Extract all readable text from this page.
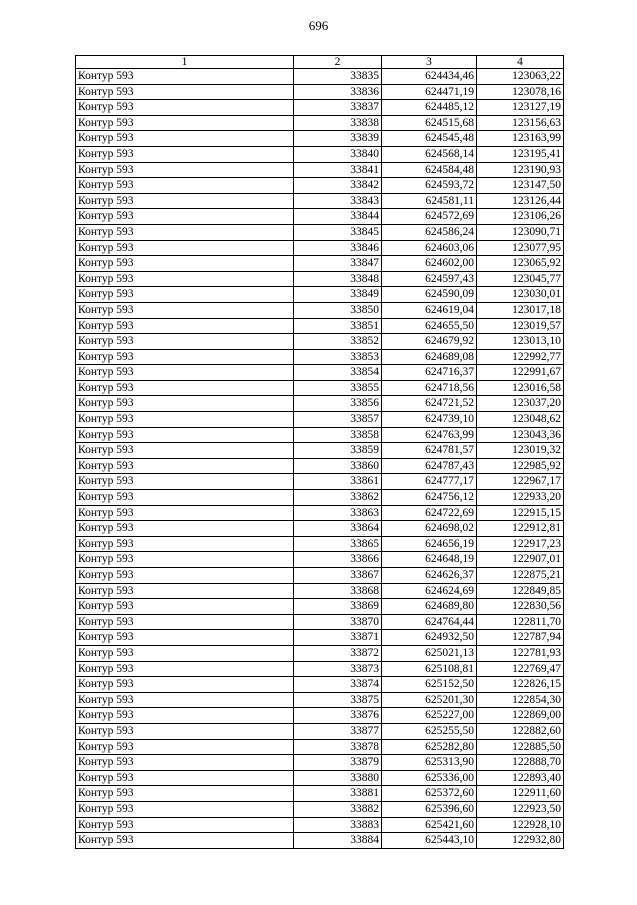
696
1	2	3	4
Контур 593	33835	624434,46	123063,22
Контур 593	33836	624471,19	123078,16
Контур 593	33837	624485,12	123127,19
Контур 593	33838	624515,68	123156,63
Контур 593	33839	624545,48	123163,99
Контур 593	33840	624568,14	123195,41
Контур 593	33841	624584,48	123190,93
Контур 593	33842	624593,72	123147,50
Контур 593	33843	624581,11	123126,44
Контур 593	33844	624572,69	123106,26
Контур 593	33845	624586,24	123090,71
Контур 593	33846	624603,06	123077,95
Контур 593	33847	624602,00	123065,92
Контур 593	33848	624597,43	123045,77
Контур 593	33849	624590,09	123030,01
Контур 593	33850	624619,04	123017,18
Контур 593	33851	624655,50	123019,57
Контур 593	33852	624679,92	123013,10
Контур 593	33853	624689,08	122992,77
Контур 593	33854	624716,37	122991,67
Контур 593	33855	624718,56	123016,58
Контур 593	33856	624721,52	123037,20
Контур 593	33857	624739,10	123048,62
Контур 593	33858	624763,99	123043,36
Контур 593	33859	624781,57	123019,32
Контур 593	33860	624787,43	122985,92
Контур 593	33861	624777,17	122967,17
Контур 593	33862	624756,12	122933,20
Контур 593	33863	624722,69	122915,15
Контур 593	33864	624698,02	122912,81
Контур 593	33865	624656,19	122917,23
Контур 593	33866	624648,19	122907,01
Контур 593	33867	624626,37	122875,21
Контур 593	33868	624624,69	122849,85
Контур 593	33869	624689,80	122830,56
Контур 593	33870	624764,44	122811,70
Контур 593	33871	624932,50	122787,94
Контур 593	33872	625021,13	122781,93
Контур 593	33873	625108,81	122769,47
Контур 593	33874	625152,50	122826,15
Контур 593	33875	625201,30	122854,30
Контур 593	33876	625227,00	122869,00
Контур 593	33877	625255,50	122882,60
Контур 593	33878	625282,80	122885,50
Контур 593	33879	625313,90	122888,70
Контур 593	33880	625336,00	122893,40
Контур 593	33881	625372,60	122911,60
Контур 593	33882	625396,60	122923,50
Контур 593	33883	625421,60	122928,10
Контур 593	33884	625443,10	122932,80
